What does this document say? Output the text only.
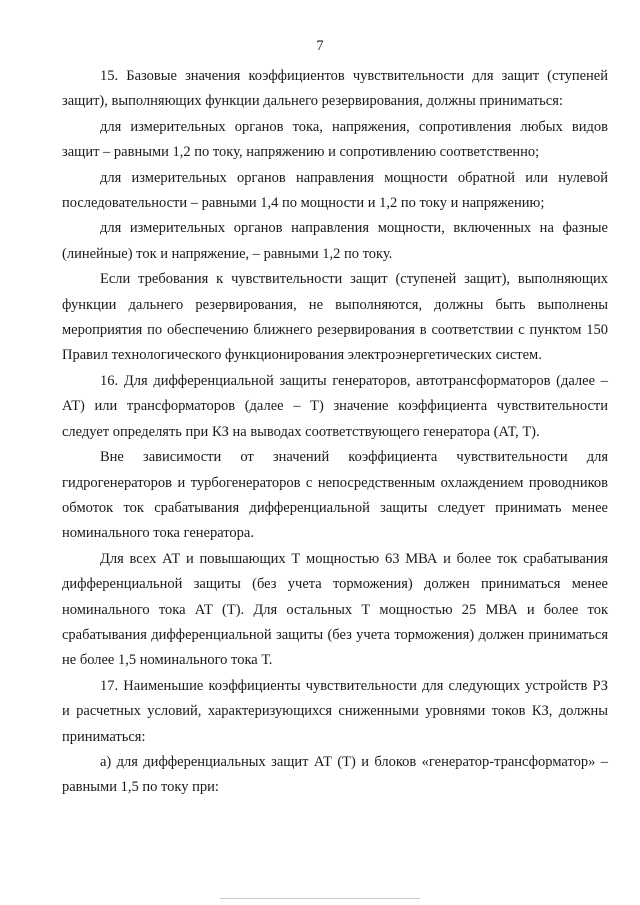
7

15. Базовые значения коэффициентов чувствительности для защит (ступеней защит), выполняющих функции дальнего резервирования, должны приниматься:

для измерительных органов тока, напряжения, сопротивления любых видов защит – равными 1,2 по току, напряжению и сопротивлению соответственно;

для измерительных органов направления мощности обратной или нулевой последовательности – равными 1,4 по мощности и 1,2 по току и напряжению;

для измерительных органов направления мощности, включенных на фазные (линейные) ток и напряжение, – равными 1,2 по току.

Если требования к чувствительности защит (ступеней защит), выполняющих функции дальнего резервирования, не выполняются, должны быть выполнены мероприятия по обеспечению ближнего резервирования в соответствии с пунктом 150 Правил технологического функционирования электроэнергетических систем.

16. Для дифференциальной защиты генераторов, автотрансформаторов (далее – АТ) или трансформаторов (далее – Т) значение коэффициента чувствительности следует определять при КЗ на выводах соответствующего генератора (АТ, Т).

Вне зависимости от значений коэффициента чувствительности для гидрогенераторов и турбогенераторов с непосредственным охлаждением проводников обмоток ток срабатывания дифференциальной защиты следует принимать менее номинального тока генератора.

Для всех АТ и повышающих Т мощностью 63 МВА и более ток срабатывания дифференциальной защиты (без учета торможения) должен приниматься менее номинального тока АТ (Т). Для остальных Т мощностью 25 МВА и более ток срабатывания дифференциальной защиты (без учета торможения) должен приниматься не более 1,5 номинального тока Т.

17. Наименьшие коэффициенты чувствительности для следующих устройств РЗ и расчетных условий, характеризующихся сниженными уровнями токов КЗ, должны приниматься:

а) для дифференциальных защит АТ (Т) и блоков «генератор-трансформатор» – равными 1,5 по току при:
